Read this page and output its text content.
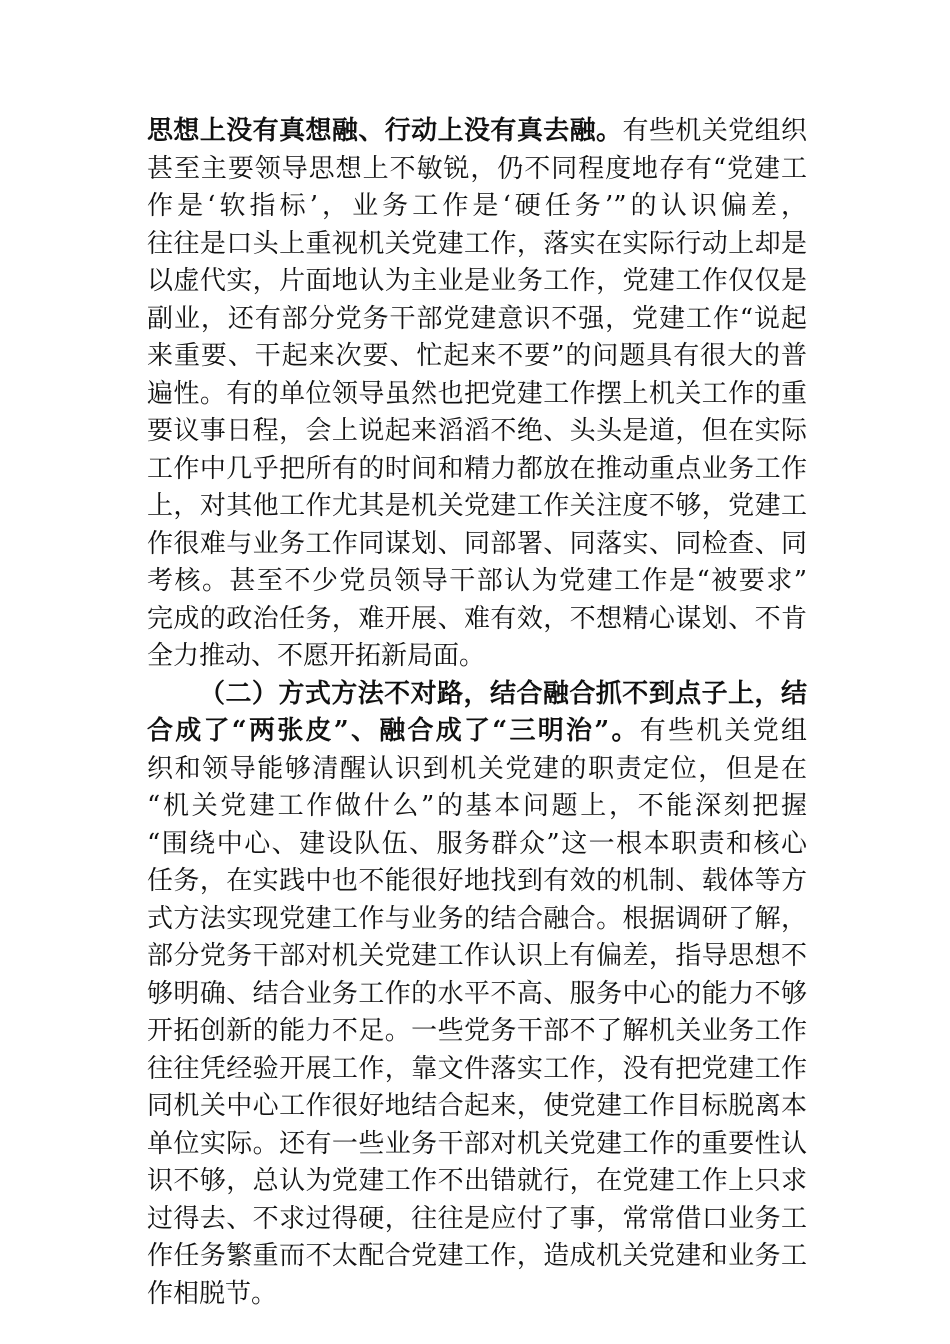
思想上没有真想融、行动上没有真去融。有些机关党组织
甚至主要领导思想上不敏锐，仍不同程度地存有“党建工
作是‘软指标’，业务工作是‘硬任务’”的认识偏差，
往往是口头上重视机关党建工作，落实在实际行动上却是
以虚代实，片面地认为主业是业务工作，党建工作仅仅是
副业，还有部分党务干部党建意识不强，党建工作“说起
来重要、干起来次要、忙起来不要”的问题具有很大的普
遍性。有的单位领导虽然也把党建工作摆上机关工作的重
要议事日程，会上说起来滔滔不绝、头头是道，但在实际
工作中几乎把所有的时间和精力都放在推动重点业务工作
上，对其他工作尤其是机关党建工作关注度不够，党建工
作很难与业务工作同谋划、同部署、同落实、同检查、同
考核。甚至不少党员领导干部认为党建工作是“被要求”
完成的政治任务，难开展、难有效，不想精心谋划、不肯
全力推动、不愿开拓新局面。
（二）方式方法不对路，结合融合抓不到点子上，结
合成了“两张皮”、融合成了“三明治”。有些机关党组
织和领导能够清醒认识到机关党建的职责定位，但是在
“机关党建工作做什么”的基本问题上，不能深刻把握
“围绕中心、建设队伍、服务群众”这一根本职责和核心
任务，在实践中也不能很好地找到有效的机制、载体等方
式方法实现党建工作与业务的结合融合。根据调研了解，
部分党务干部对机关党建工作认识上有偏差，指导思想不
够明确、结合业务工作的水平不高、服务中心的能力不够
开拓创新的能力不足。一些党务干部不了解机关业务工作
往往凭经验开展工作，靠文件落实工作，没有把党建工作
同机关中心工作很好地结合起来，使党建工作目标脱离本
单位实际。还有一些业务干部对机关党建工作的重要性认
识不够，总认为党建工作不出错就行，在党建工作上只求
过得去、不求过得硬，往往是应付了事，常常借口业务工
作任务繁重而不太配合党建工作，造成机关党建和业务工
作相脱节。
